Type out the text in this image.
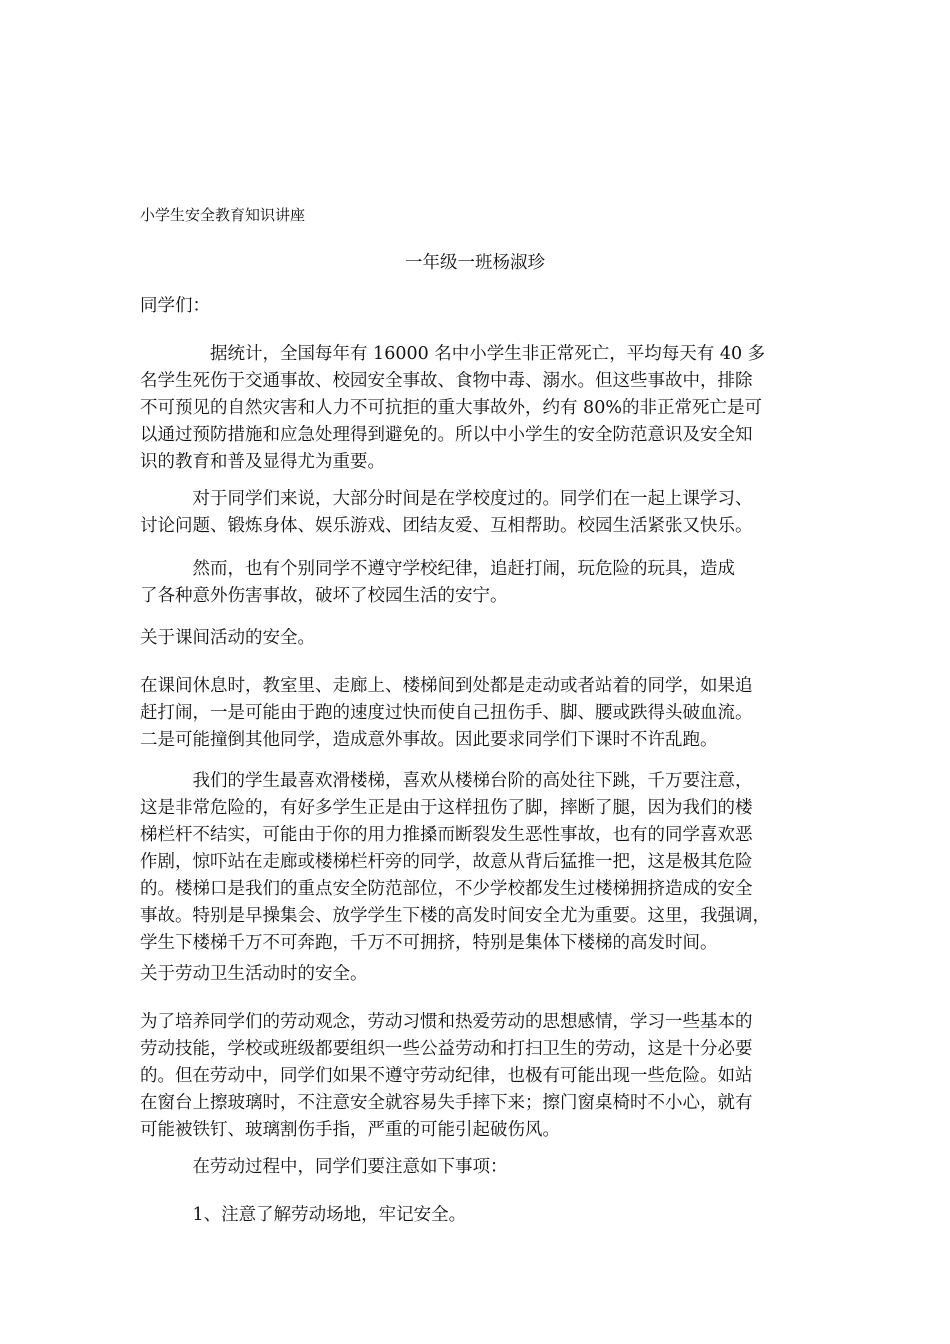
小学生安全教育知识讲座
一年级一班杨淑珍

同学们：

　　　　据统计，全国每年有 16000 名中小学生非正常死亡，平均每天有 40 多

名学生死伤于交通事故、校园安全事故、食物中毒、溺水。但这些事故中，排除

不可预见的自然灾害和人力不可抗拒的重大事故外，约有 80%的非正常死亡是可

以通过预防措施和应急处理得到避免的。所以中小学生的安全防范意识及安全知

识的教育和普及显得尤为重要。

　　　对于同学们来说，大部分时间是在学校度过的。同学们在一起上课学习、

讨论问题、锻炼身体、娱乐游戏、团结友爱、互相帮助。校园生活紧张又快乐。

　　　然而，也有个别同学不遵守学校纪律，追赶打闹，玩危险的玩具，造成

了各种意外伤害事故，破坏了校园生活的安宁。

关于课间活动的安全。

在课间休息时，教室里、走廊上、楼梯间到处都是走动或者站着的同学，如果追

赶打闹，一是可能由于跑的速度过快而使自己扭伤手、脚、腰或跌得头破血流。

二是可能撞倒其他同学，造成意外事故。因此要求同学们下课时不许乱跑。

　　　我们的学生最喜欢滑楼梯，喜欢从楼梯台阶的高处往下跳，千万要注意，

这是非常危险的，有好多学生正是由于这样扭伤了脚，摔断了腿，因为我们的楼

梯栏杆不结实，可能由于你的用力推搡而断裂发生恶性事故，也有的同学喜欢恶

作剧，惊吓站在走廊或楼梯栏杆旁的同学，故意从背后猛推一把，这是极其危险

的。楼梯口是我们的重点安全防范部位，不少学校都发生过楼梯拥挤造成的安全

事故。特别是早操集会、放学学生下楼的高发时间安全尤为重要。这里，我强调，

学生下楼梯千万不可奔跑，千万不可拥挤，特别是集体下楼梯的高发时间。

关于劳动卫生活动时的安全。

为了培养同学们的劳动观念，劳动习惯和热爱劳动的思想感情，学习一些基本的

劳动技能，学校或班级都要组织一些公益劳动和打扫卫生的劳动，这是十分必要

的。但在劳动中，同学们如果不遵守劳动纪律，也极有可能出现一些危险。如站

在窗台上擦玻璃时，不注意安全就容易失手摔下来；擦门窗桌椅时不小心，就有

可能被铁钉、玻璃割伤手指，严重的可能引起破伤风。

　　　在劳动过程中，同学们要注意如下事项：

　　　1、注意了解劳动场地，牢记安全。
